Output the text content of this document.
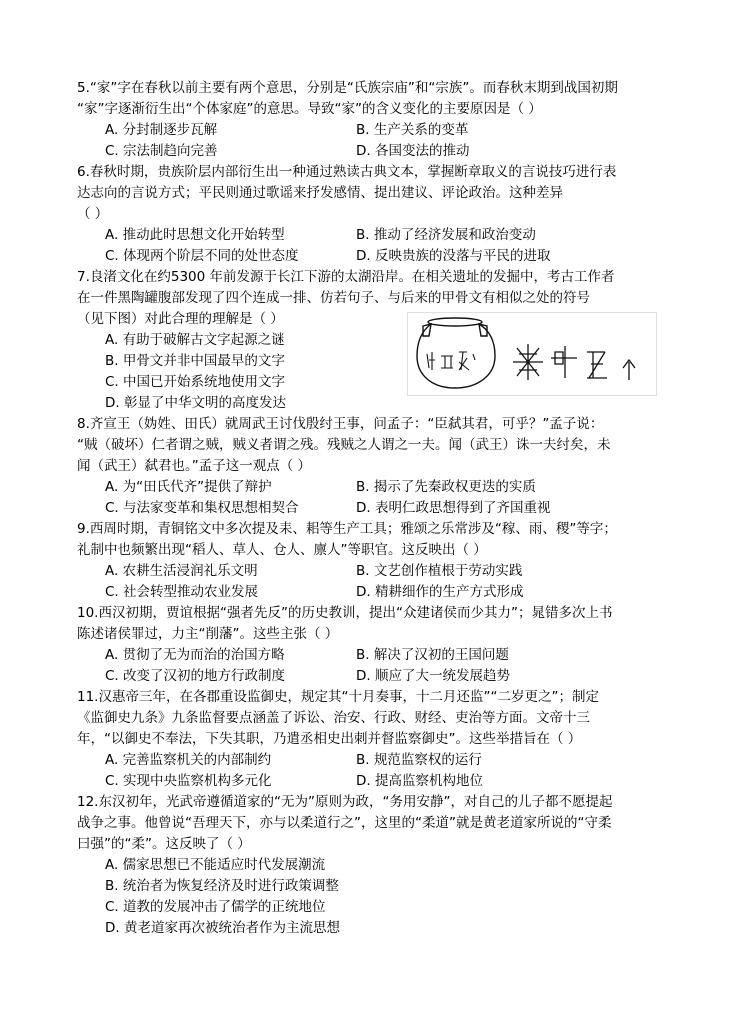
5.“家”字在春秋以前主要有两个意思，分别是“氏族宗庙”和“宗族”。而春秋末期到战国初期
“家”字逐渐衍生出“个体家庭”的意思。导致“家”的含义变化的主要原因是（ ）
A. 分封制逐步瓦解	B. 生产关系的变革
C. 宗法制趋向完善	D. 各国变法的推动
6.春秋时期，贵族阶层内部衍生出一种通过熟读古典文本，掌握断章取义的言说技巧进行表
达志向的言说方式；平民则通过歌谣来抒发感情、提出建议、评论政治。这种差异
（ ）
A. 推动此时思想文化开始转型	B. 推动了经济发展和政治变动
C. 体现两个阶层不同的处世态度	D. 反映贵族的没落与平民的进取
7.良渚文化在约5300 年前发源于长江下游的太湖沿岸。在相关遗址的发掘中，考古工作者
在一件黑陶罐腹部发现了四个连成一排、仿若句子、与后来的甲骨文有相似之处的符号
（见下图）对此合理的理解是（ ）
A. 有助于破解古文字起源之谜
B. 甲骨文并非中国最早的文字
C. 中国已开始系统地使用文字
D. 彰显了中华文明的高度发达
8.齐宣王（妫姓、田氏）就周武王讨伐殷纣王事，问孟子：“臣弑其君，可乎？”孟子说：
“贼（破坏）仁者谓之贼，贼义者谓之残。残贼之人谓之一夫。闻（武王）诛一夫纣矣，未
闻（武王）弑君也。”孟子这一观点（ ）
A. 为“田氏代齐”提供了辩护	B. 揭示了先秦政权更迭的实质
C. 与法家变革和集权思想相契合	D. 表明仁政思想得到了齐国重视
9.西周时期，青铜铭文中多次提及耒、耜等生产工具；雅颂之乐常涉及“稼、雨、稷”等字；
礼制中也频繁出现“稻人、草人、仓人、廪人”等职官。这反映出（ ）
A. 农耕生活浸润礼乐文明	B. 文艺创作植根于劳动实践
C. 社会转型推动农业发展	D. 精耕细作的生产方式形成
10.西汉初期，贾谊根据“强者先反”的历史教训，提出“众建诸侯而少其力”；晁错多次上书
陈述诸侯罪过，力主“削藩”。这些主张（ ）
A. 贯彻了无为而治的治国方略	B. 解决了汉初的王国问题
C. 改变了汉初的地方行政制度	D. 顺应了大一统发展趋势
11.汉惠帝三年，在各郡重设监御史，规定其“十月奏事，十二月还监”“二岁更之”；制定
《监御史九条》九条监督要点涵盖了诉讼、治安、行政、财经、吏治等方面。文帝十三
年，“以御史不奉法，下失其职，乃遣丞相史出刺并督监察御史”。这些举措旨在（ ）
A. 完善监察机关的内部制约	B. 规范监察权的运行
C. 实现中央监察机构多元化	D. 提高监察机构地位
12.东汉初年，光武帝遵循道家的“无为”原则为政，“务用安静”，对自己的儿子都不愿提起
战争之事。他曾说“吾理天下，亦与以柔道行之”，这里的“柔道”就是黄老道家所说的“守柔
曰强”的“柔”。这反映了（ ）
A. 儒家思想已不能适应时代发展潮流
B. 统治者为恢复经济及时进行政策调整
C. 道教的发展冲击了儒学的正统地位
D. 黄老道家再次被统治者作为主流思想
